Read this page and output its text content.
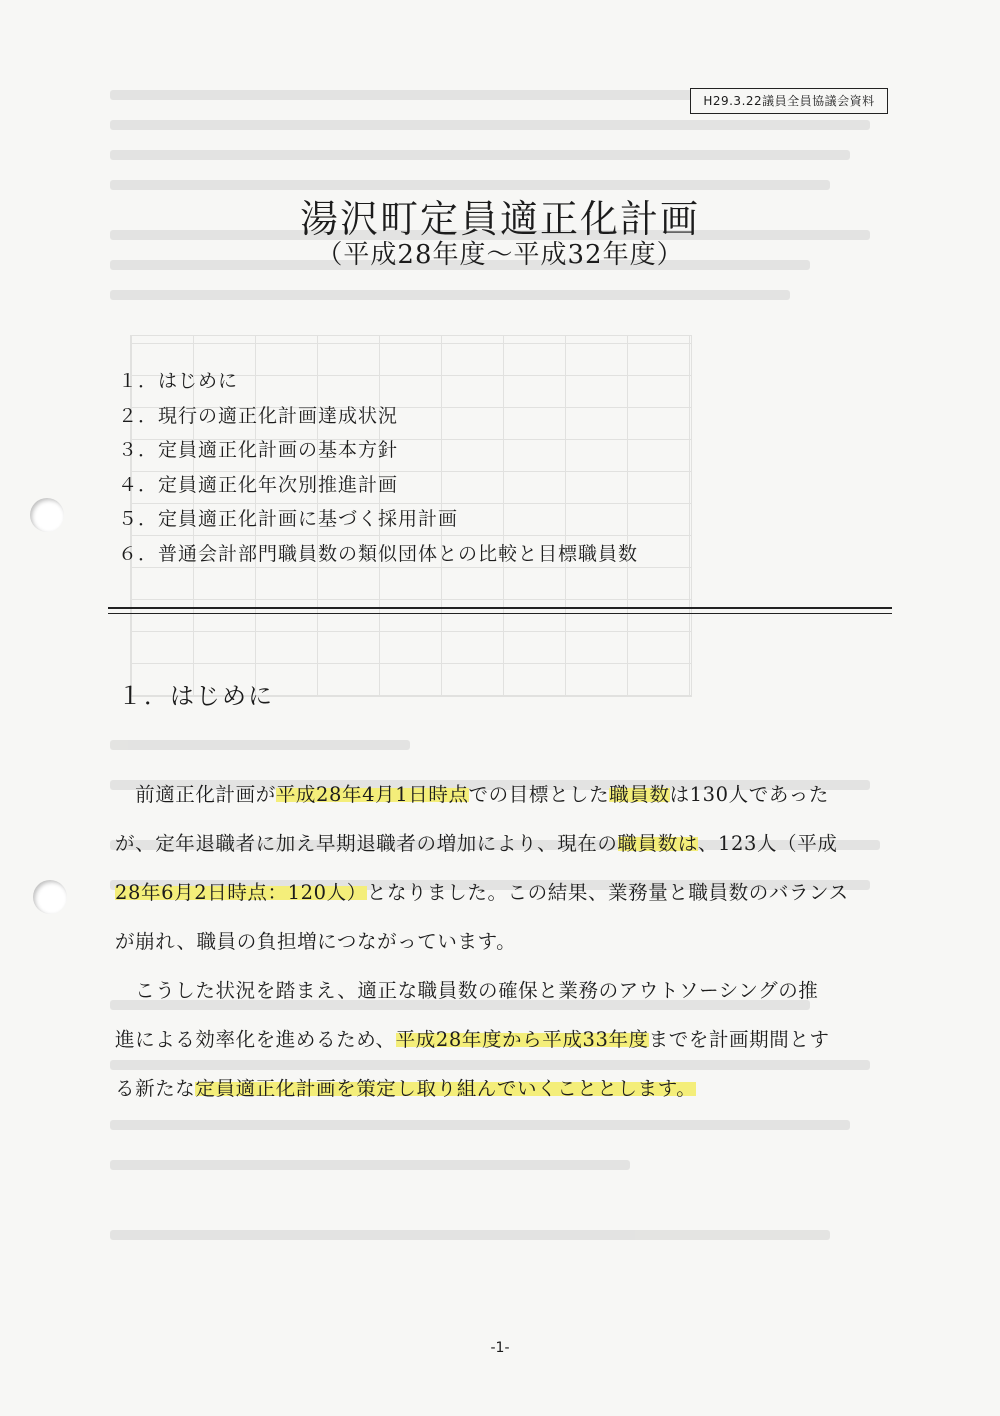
H29.3.22議員全員協議会資料
湯沢町定員適正化計画
（平成28年度～平成32年度）
１．はじめに
２．現行の適正化計画達成状況
３．定員適正化計画の基本方針
４．定員適正化年次別推進計画
５．定員適正化計画に基づく採用計画
６．普通会計部門職員数の類似団体との比較と目標職員数
１．はじめに
　前適正化計画が平成28年4月1日時点での目標とした職員数は130人であった
が、定年退職者に加え早期退職者の増加により、現在の職員数は、123人（平成
28年6月2日時点：120人）となりました。この結果、業務量と職員数のバランス
が崩れ、職員の負担増につながっています。
　こうした状況を踏まえ、適正な職員数の確保と業務のアウトソーシングの推
進による効率化を進めるため、平成28年度から平成33年度までを計画期間とす
る新たな定員適正化計画を策定し取り組んでいくこととします。
-1-
